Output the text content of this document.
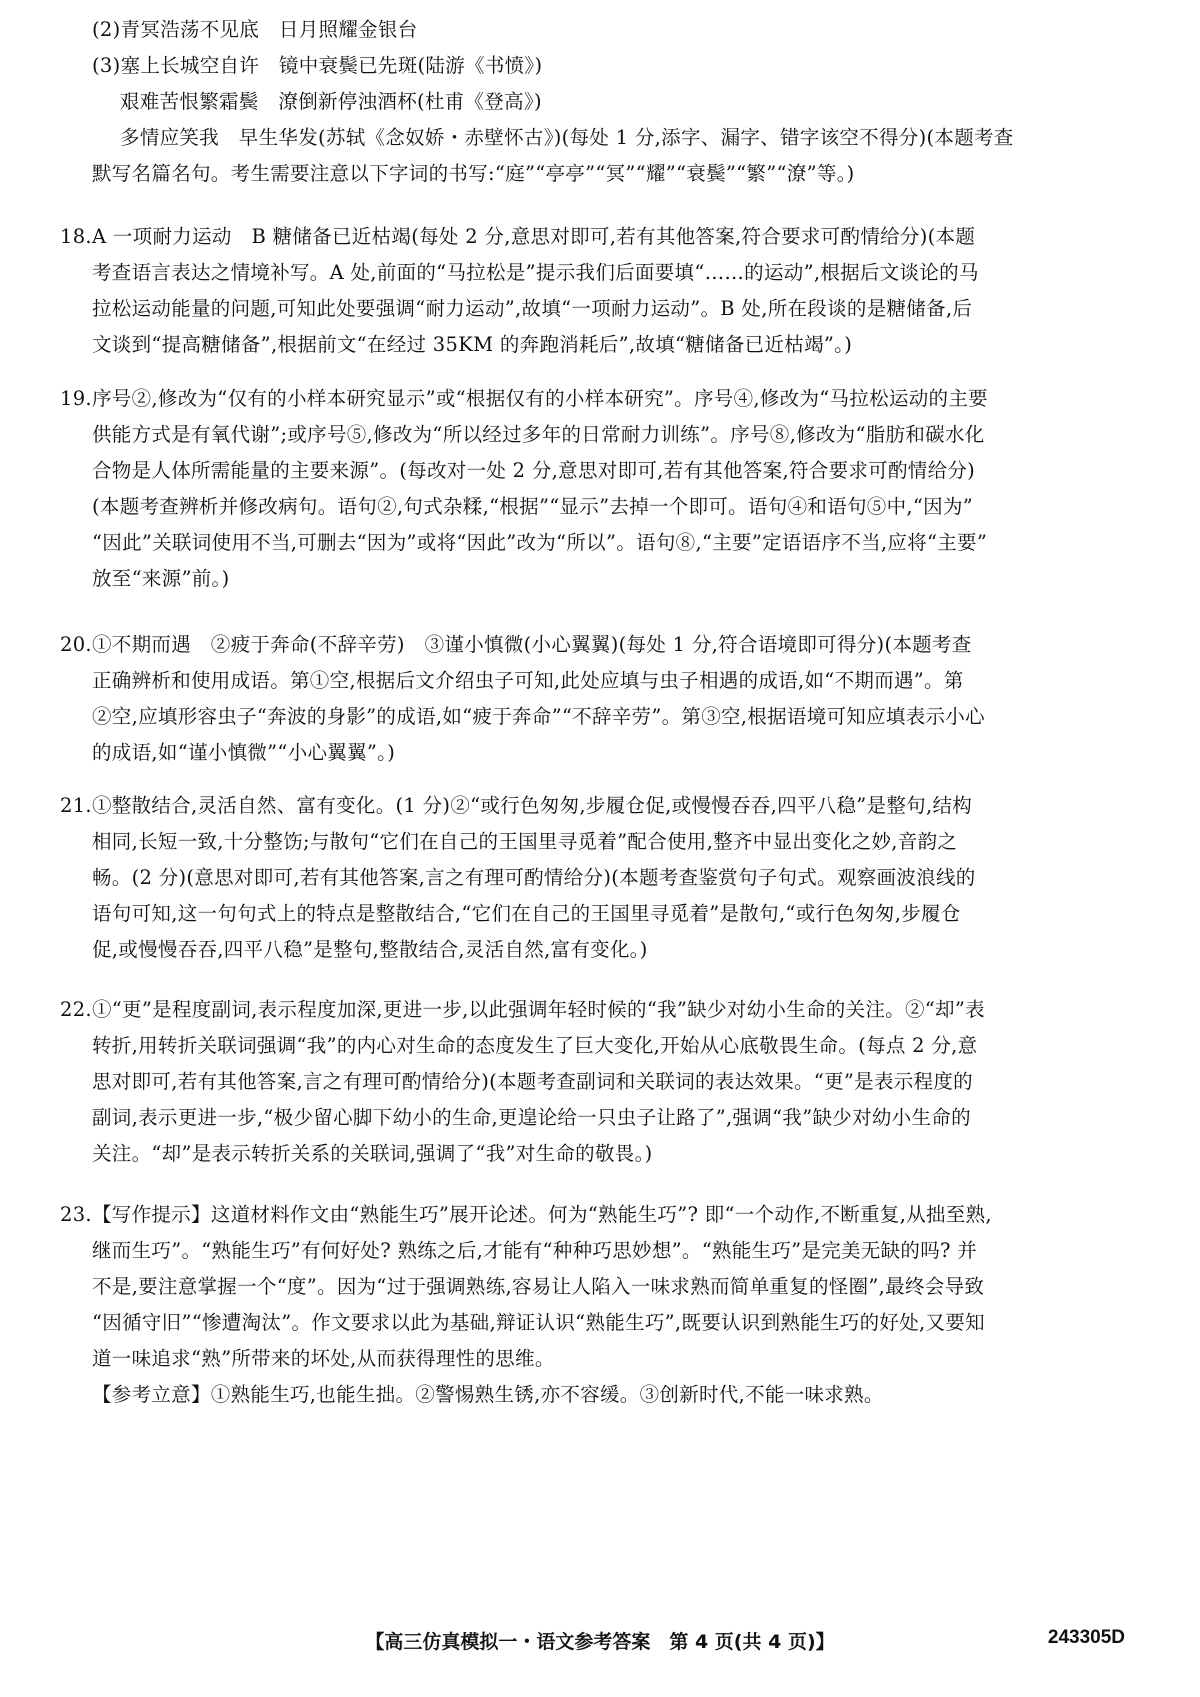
(2)青冥浩荡不见底　日月照耀金银台
(3)塞上长城空自许　镜中衰鬓已先斑(陆游《书愤》)
艰难苦恨繁霜鬓　潦倒新停浊酒杯(杜甫《登高》)
多情应笑我　早生华发(苏轼《念奴娇・赤壁怀古》)(每处 1 分,添字、漏字、错字该空不得分)(本题考查
默写名篇名句。考生需要注意以下字词的书写:“庭”“亭亭”“冥”“耀”“衰鬓”“繁”“潦”等。)
18.A 一项耐力运动　B 糖储备已近枯竭(每处 2 分,意思对即可,若有其他答案,符合要求可酌情给分)(本题
考查语言表达之情境补写。A 处,前面的“马拉松是”提示我们后面要填“……的运动”,根据后文谈论的马
拉松运动能量的问题,可知此处要强调“耐力运动”,故填“一项耐力运动”。B 处,所在段谈的是糖储备,后
文谈到“提高糖储备”,根据前文“在经过 35KM 的奔跑消耗后”,故填“糖储备已近枯竭”。)
19.序号②,修改为“仅有的小样本研究显示”或“根据仅有的小样本研究”。序号④,修改为“马拉松运动的主要
供能方式是有氧代谢”;或序号⑤,修改为“所以经过多年的日常耐力训练”。序号⑧,修改为“脂肪和碳水化
合物是人体所需能量的主要来源”。(每改对一处 2 分,意思对即可,若有其他答案,符合要求可酌情给分)
(本题考查辨析并修改病句。语句②,句式杂糅,“根据”“显示”去掉一个即可。语句④和语句⑤中,“因为”
“因此”关联词使用不当,可删去“因为”或将“因此”改为“所以”。语句⑧,“主要”定语语序不当,应将“主要”
放至“来源”前。)
20.①不期而遇　②疲于奔命(不辞辛劳)　③谨小慎微(小心翼翼)(每处 1 分,符合语境即可得分)(本题考查
正确辨析和使用成语。第①空,根据后文介绍虫子可知,此处应填与虫子相遇的成语,如“不期而遇”。第
②空,应填形容虫子“奔波的身影”的成语,如“疲于奔命”“不辞辛劳”。第③空,根据语境可知应填表示小心
的成语,如“谨小慎微”“小心翼翼”。)
21.①整散结合,灵活自然、富有变化。(1 分)②“或行色匆匆,步履仓促,或慢慢吞吞,四平八稳”是整句,结构
相同,长短一致,十分整饬;与散句“它们在自己的王国里寻觅着”配合使用,整齐中显出变化之妙,音韵之
畅。(2 分)(意思对即可,若有其他答案,言之有理可酌情给分)(本题考查鉴赏句子句式。观察画波浪线的
语句可知,这一句句式上的特点是整散结合,“它们在自己的王国里寻觅着”是散句,“或行色匆匆,步履仓
促,或慢慢吞吞,四平八稳”是整句,整散结合,灵活自然,富有变化。)
22.①“更”是程度副词,表示程度加深,更进一步,以此强调年轻时候的“我”缺少对幼小生命的关注。②“却”表
转折,用转折关联词强调“我”的内心对生命的态度发生了巨大变化,开始从心底敬畏生命。(每点 2 分,意
思对即可,若有其他答案,言之有理可酌情给分)(本题考查副词和关联词的表达效果。“更”是表示程度的
副词,表示更进一步,“极少留心脚下幼小的生命,更遑论给一只虫子让路了”,强调“我”缺少对幼小生命的
关注。“却”是表示转折关系的关联词,强调了“我”对生命的敬畏。)
23.【写作提示】这道材料作文由“熟能生巧”展开论述。何为“熟能生巧”? 即“一个动作,不断重复,从拙至熟,
继而生巧”。“熟能生巧”有何好处? 熟练之后,才能有“种种巧思妙想”。“熟能生巧”是完美无缺的吗? 并
不是,要注意掌握一个“度”。因为“过于强调熟练,容易让人陷入一味求熟而简单重复的怪圈”,最终会导致
“因循守旧”“惨遭淘汰”。作文要求以此为基础,辩证认识“熟能生巧”,既要认识到熟能生巧的好处,又要知
道一味追求“熟”所带来的坏处,从而获得理性的思维。
【参考立意】①熟能生巧,也能生拙。②警惕熟生锈,亦不容缓。③创新时代,不能一味求熟。
【高三仿真模拟一・语文参考答案　第 4 页(共 4 页)】	243305D
